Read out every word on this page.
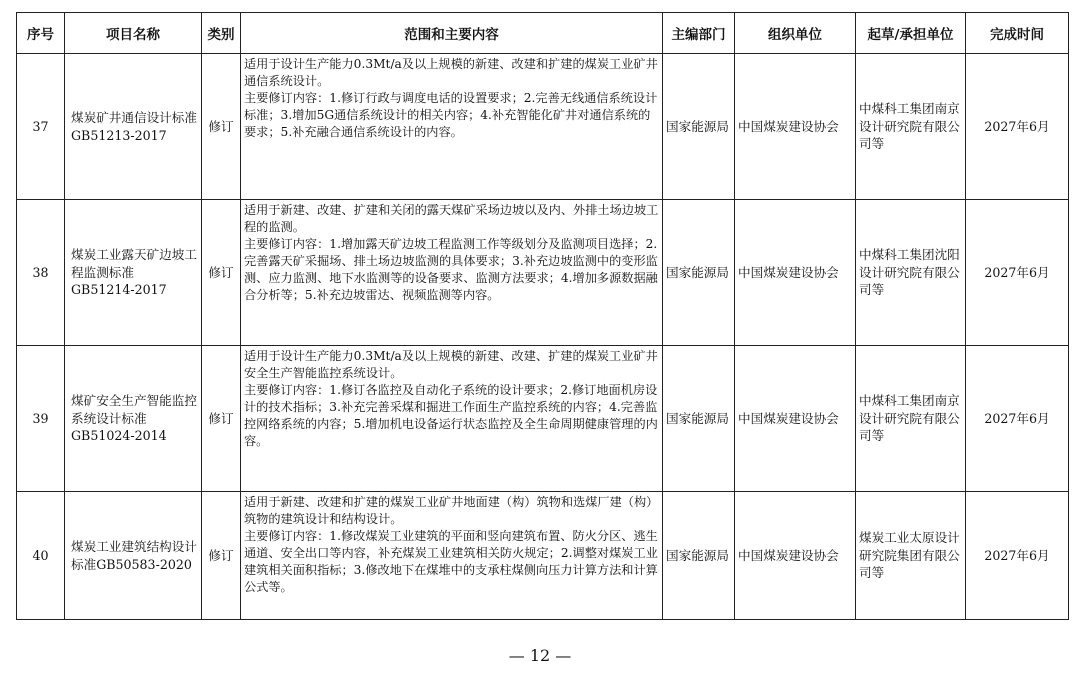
序号	项目名称	类别	范围和主要内容	主编部门	组织单位	起草/承担单位	完成时间
37	煤炭矿井通信设计标准GB51213-2017	修订	适用于设计生产能力0.3Mt/a及以上规模的新建、改建和扩建的煤炭工业矿井通信系统设计。
主要修订内容：1.修订行政与调度电话的设置要求；2.完善无线通信系统设计标准；3.增加5G通信系统设计的相关内容；4.补充智能化矿井对通信系统的要求；5.补充融合通信系统设计的内容。	国家能源局	中国煤炭建设协会	中煤科工集团南京设计研究院有限公司等	2027年6月
38	煤炭工业露天矿边坡工程监测标准GB51214-2017	修订	适用于新建、改建、扩建和关闭的露天煤矿采场边坡以及内、外排土场边坡工程的监测。
主要修订内容：1.增加露天矿边坡工程监测工作等级划分及监测项目选择；2.完善露天矿采掘场、排土场边坡监测的具体要求；3.补充边坡监测中的变形监测、应力监测、地下水监测等的设备要求、监测方法要求；4.增加多源数据融合分析等；5.补充边坡雷达、视频监测等内容。	国家能源局	中国煤炭建设协会	中煤科工集团沈阳设计研究院有限公司等	2027年6月
39	煤矿安全生产智能监控系统设计标准GB51024-2014	修订	适用于设计生产能力0.3Mt/a及以上规模的新建、改建、扩建的煤炭工业矿井安全生产智能监控系统设计。
主要修订内容：1.修订各监控及自动化子系统的设计要求；2.修订地面机房设计的技术指标；3.补充完善采煤和掘进工作面生产监控系统的内容；4.完善监控网络系统的内容；5.增加机电设备运行状态监控及全生命周期健康管理的内容。	国家能源局	中国煤炭建设协会	中煤科工集团南京设计研究院有限公司等	2027年6月
40	煤炭工业建筑结构设计标准GB50583-2020	修订	适用于新建、改建和扩建的煤炭工业矿井地面建（构）筑物和选煤厂建（构）筑物的建筑设计和结构设计。
主要修订内容：1.修改煤炭工业建筑的平面和竖向建筑布置、防火分区、逃生通道、安全出口等内容，补充煤炭工业建筑相关防火规定；2.调整对煤炭工业建筑相关面积指标；3.修改地下在煤堆中的支承柱煤侧向压力计算方法和计算公式等。	国家能源局	中国煤炭建设协会	煤炭工业太原设计研究院集团有限公司等	2027年6月
— 12 —
